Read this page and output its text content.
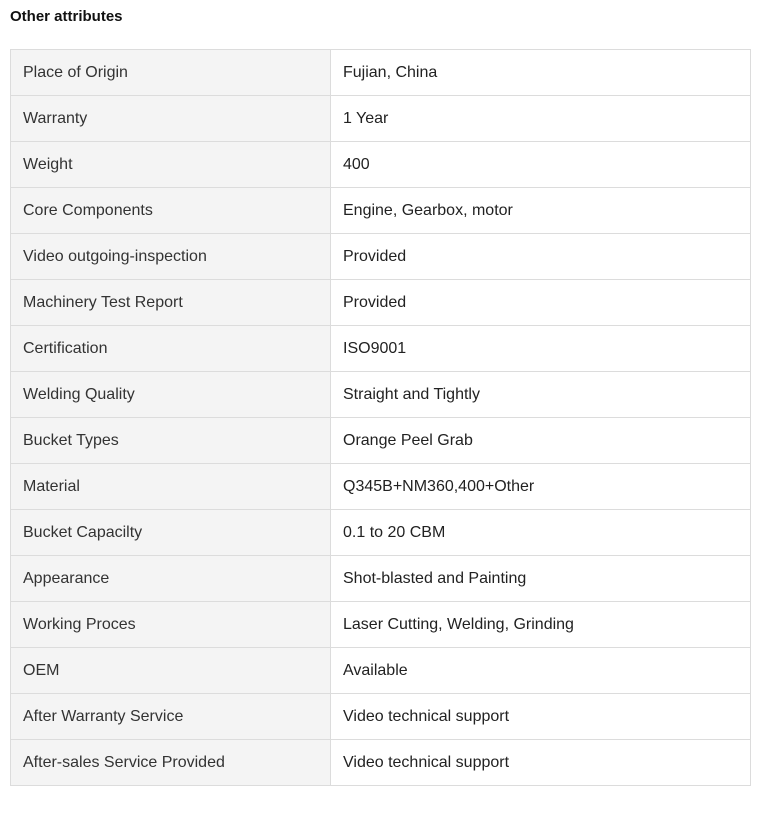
Other attributes
Place of Origin	Fujian, China
Warranty	1 Year
Weight	400
Core Components	Engine, Gearbox, motor
Video outgoing-inspection	Provided
Machinery Test Report	Provided
Certification	ISO9001
Welding Quality	Straight and Tightly
Bucket Types	Orange Peel Grab
Material	Q345B+NM360,400+Other
Bucket Capacilty	0.1 to 20 CBM
Appearance	Shot-blasted and Painting
Working Proces	Laser Cutting, Welding, Grinding
OEM	Available
After Warranty Service	Video technical support
After-sales Service Provided	Video technical support
